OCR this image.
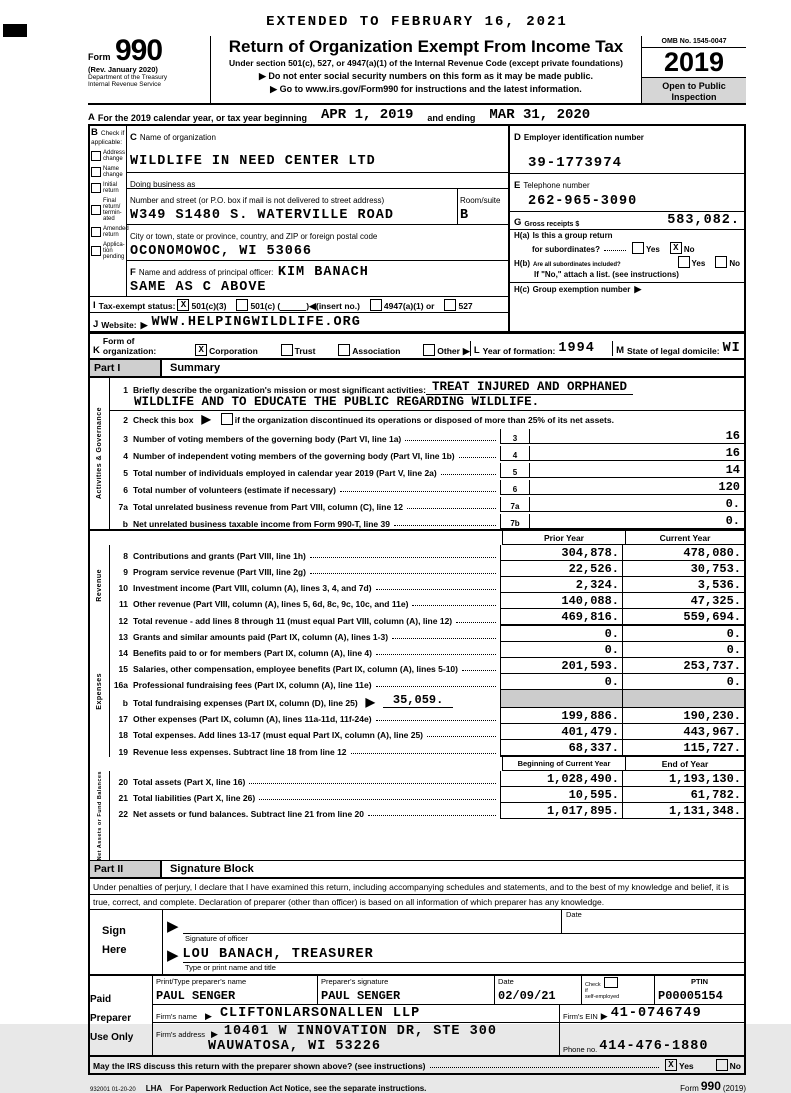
EXTENDED TO FEBRUARY 16, 2021
Form 990
(Rev. January 2020)
Department of the Treasury
Internal Revenue Service
Return of Organization Exempt From Income Tax
Under section 501(c), 527, or 4947(a)(1) of the Internal Revenue Code (except private foundations)
▶ Do not enter social security numbers on this form as it may be made public.
▶ Go to www.irs.gov/Form990 for instructions and the latest information.
OMB No. 1545-0047
2019
Open to Public
Inspection
A For the 2019 calendar year, or tax year beginning APR 1, 2019 and ending MAR 31, 2020
B Check if applicable:
Address change
Name change
Initial return
Final return/ termin- ated
Amended return
Applica- tion pending
C Name of organization
WILDLIFE IN NEED CENTER LTD
Doing business as
Number and street (or P.O. box if mail is not delivered to street address)
W349 S1480 S. WATERVILLE ROAD
Room/suite
B
City or town, state or province, country, and ZIP or foreign postal code
OCONOMOWOC, WI 53066
F Name and address of principal officer: KIM BANACH
SAME AS C ABOVE
I Tax-exempt status: X 501(c)(3)	501(c) (	) ◀ (insert no.)	4947(a)(1) or	527
J Website: ▶ WWW.HELPINGWILDLIFE.ORG
D Employer identification number
39-1773974
E Telephone number
262-965-3090
G Gross receipts $	583,082.
H(a) Is this a group return
for subordinates?	Yes	X No
H(b) Are all subordinates included?	Yes	No
If "No," attach a list. (see instructions)
H(c) Group exemption number ▶
K
Form of organization:	X Corporation	Trust	Association	Other ▶ L Year of formation: 1994 M State of legal domicile: WI
Part I	Summary
Activities & Governance
1 Briefly describe the organization's mission or most significant activities: TREAT INJURED AND ORPHANED
WILDLIFE AND TO EDUCATE THE PUBLIC REGARDING WILDLIFE.
2 Check this box ▶	if the organization discontinued its operations or disposed of more than 25% of its net assets.
3 Number of voting members of the governing body (Part VI, line 1a)	3	16
4 Number of independent voting members of the governing body (Part VI, line 1b)	4	16
5 Total number of individuals employed in calendar year 2019 (Part V, line 2a)	5	14
6 Total number of volunteers (estimate if necessary)	6	120
7a Total unrelated business revenue from Part VIII, column (C), line 12	7a	0.
b Net unrelated business taxable income from Form 990-T, line 39	7b	0.
Prior Year	Current Year
Revenue
8 Contributions and grants (Part VIII, line 1h)	304,878.	478,080.
9 Program service revenue (Part VIII, line 2g)	22,526.	30,753.
10 Investment income (Part VIII, column (A), lines 3, 4, and 7d)	2,324.	3,536.
11 Other revenue (Part VIII, column (A), lines 5, 6d, 8c, 9c, 10c, and 11e)	140,088.	47,325.
12 Total revenue - add lines 8 through 11 (must equal Part VIII, column (A), line 12)	469,816.	559,694.
Expenses
13 Grants and similar amounts paid (Part IX, column (A), lines 1-3)	0.	0.
14 Benefits paid to or for members (Part IX, column (A), line 4)	0.	0.
15 Salaries, other compensation, employee benefits (Part IX, column (A), lines 5-10)	201,593.	253,737.
16a Professional fundraising fees (Part IX, column (A), line 11e)	0.	0.
b Total fundraising expenses (Part IX, column (D), line 25) ▶	35,059.
17 Other expenses (Part IX, column (A), lines 11a-11d, 11f-24e)	199,886.	190,230.
18 Total expenses. Add lines 13-17 (must equal Part IX, column (A), line 25)	401,479.	443,967.
19 Revenue less expenses. Subtract line 18 from line 12	68,337.	115,727.
Beginning of Current Year	End of Year
Net Assets or Fund Balances	20 Total assets (Part X, line 16)	1,028,490.	1,193,130.
21 Total liabilities (Part X, line 26)	10,595.	61,782.
22 Net assets or fund balances. Subtract line 21 from line 20	1,017,895.	1,131,348.
Part II	Signature Block
Under penalties of perjury, I declare that I have examined this return, including accompanying schedules and statements, and to the best of my knowledge and belief, it is
true, correct, and complete. Declaration of preparer (other than officer) is based on all information of which preparer has any knowledge.
Sign
Here
▶
Date
Signature of officer
▶ LOU BANACH, TREASURER
Type or print name and title
Paid
Preparer
Use Only
Print/Type preparer's name
PAUL SENGER
Preparer's signature
PAUL SENGER
Date
02/09/21
Check
if
self-employed
PTIN
P00005154
Firm's name ▶ CLIFTONLARSONALLEN LLP	Firm's EIN ▶ 41-0746749
Firm's address ▶ 10401 W INNOVATION DR, STE 300
WAUWATOSA, WI 53226	Phone no. 414-476-1880
May the IRS discuss this return with the preparer shown above? (see instructions)	X Yes	No
932001 01-20-20 LHA For Paperwork Reduction Act Notice, see the separate instructions.	Form 990 (2019)
